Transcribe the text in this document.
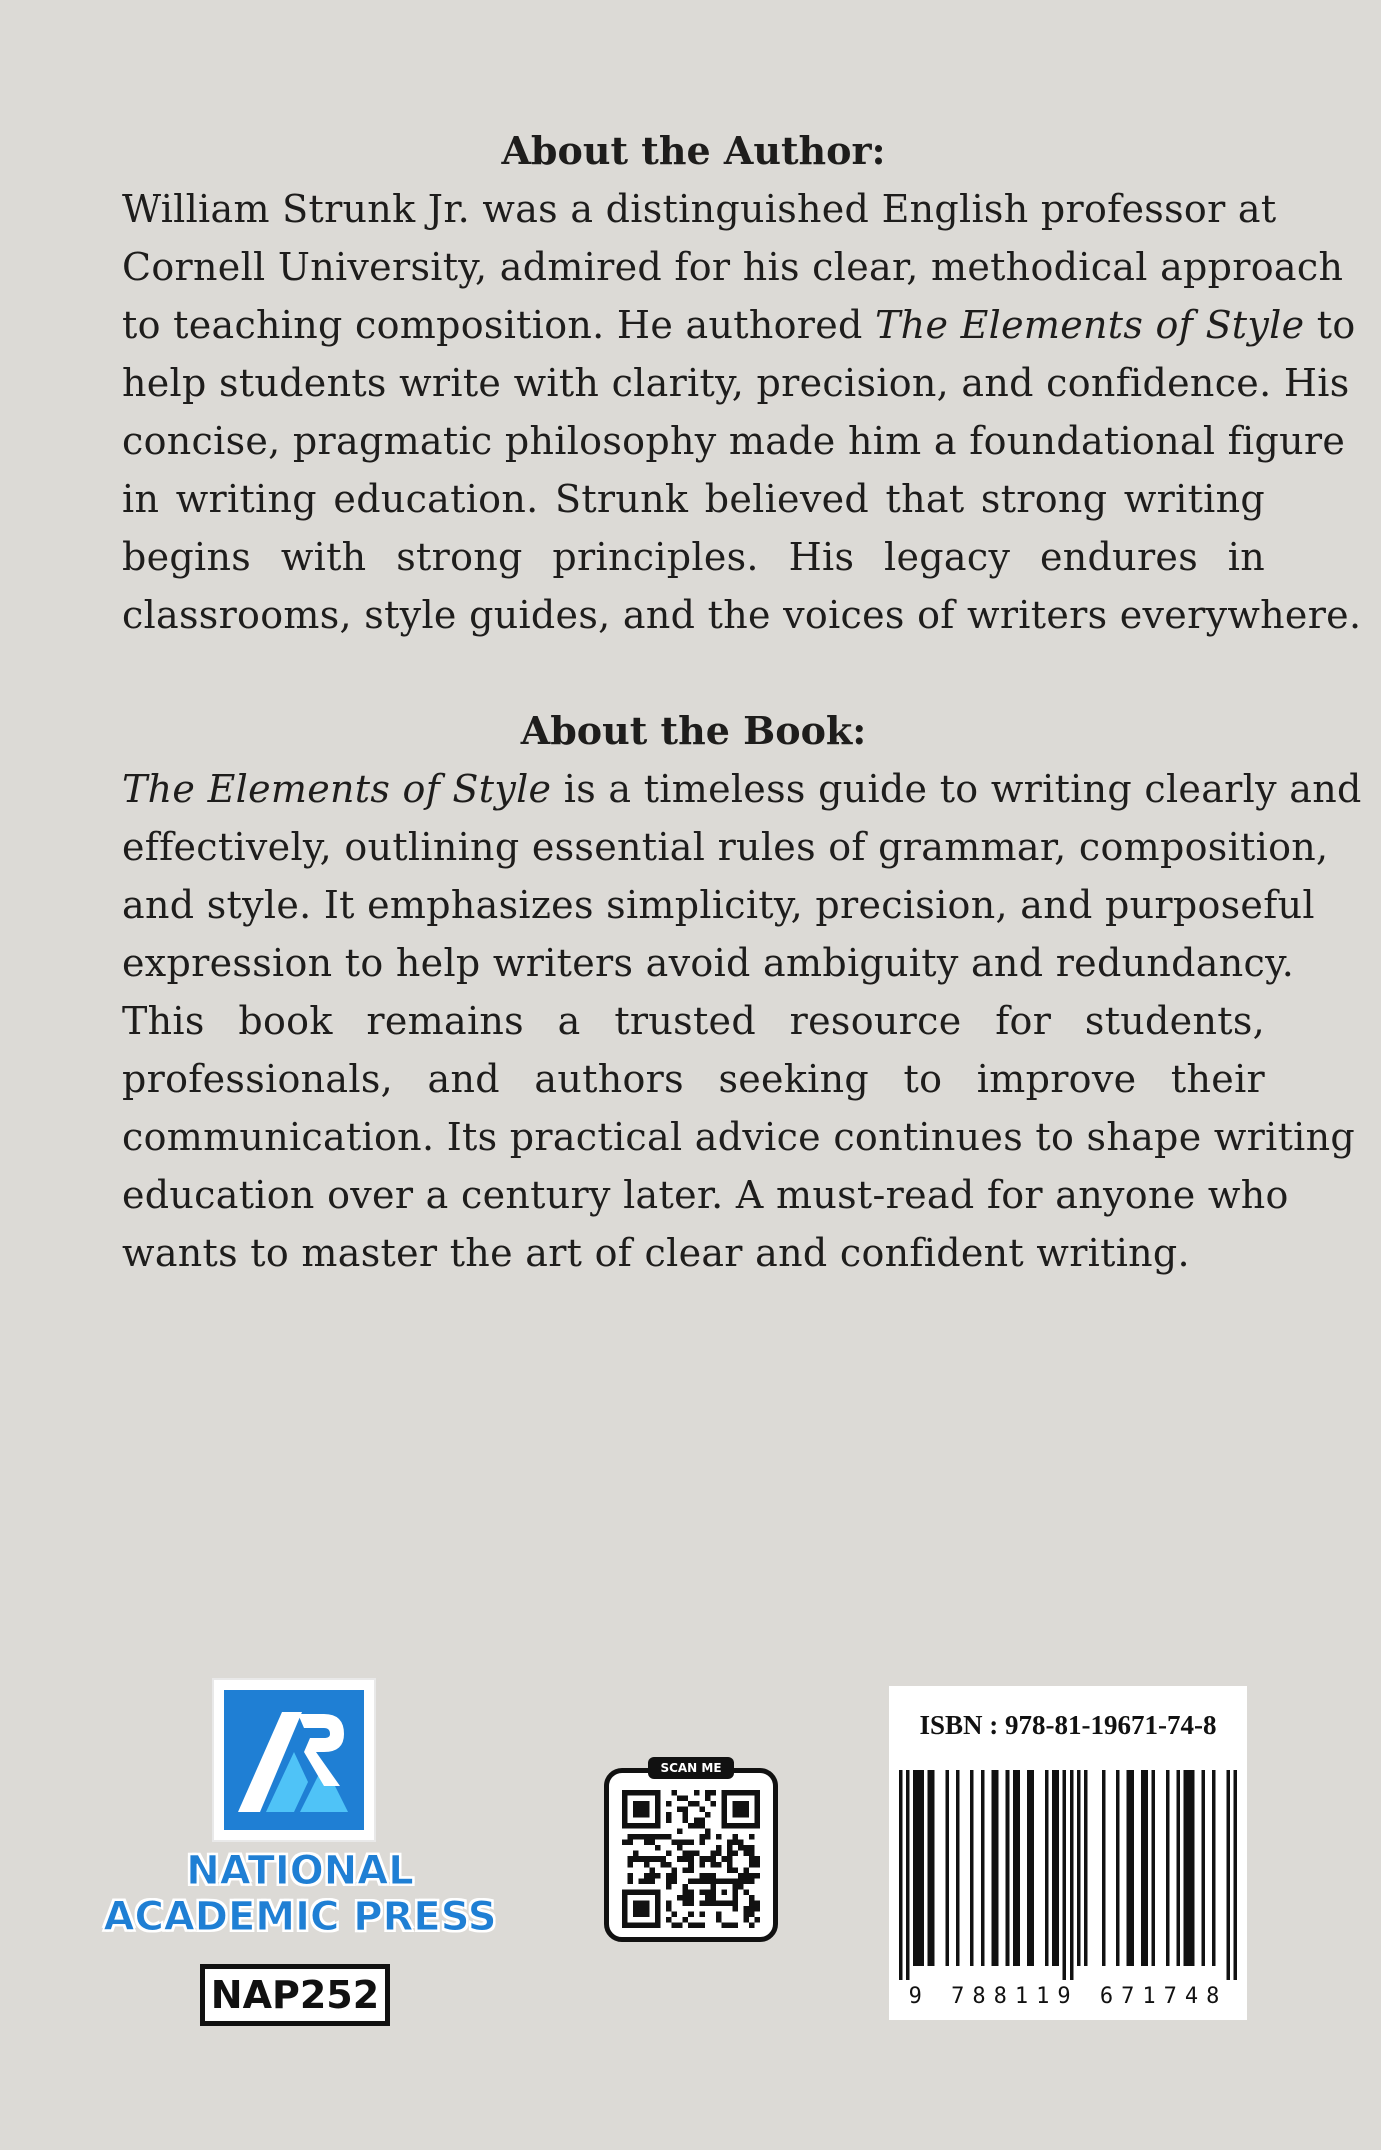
About the Author:
William Strunk Jr. was a distinguished English professor at
Cornell University, admired for his clear, methodical approach
to teaching composition. He authored The Elements of Style to
help students write with clarity, precision, and confidence. His
concise, pragmatic philosophy made him a foundational figure
in writing education. Strunk believed that strong writing
begins with strong principles. His legacy endures in
classrooms, style guides, and the voices of writers everywhere.
About the Book:
The Elements of Style is a timeless guide to writing clearly and
effectively, outlining essential rules of grammar, composition,
and style. It emphasizes simplicity, precision, and purposeful
expression to help writers avoid ambiguity and redundancy.
This book remains a trusted resource for students,
professionals, and authors seeking to improve their
communication. Its practical advice continues to shape writing
education over a century later. A must-read for anyone who
wants to master the art of clear and confident writing.
NATIONAL
ACADEMIC PRESS
NAP252
SCAN ME
ISBN : 978-81-19671-74-8
9 788119 671748
